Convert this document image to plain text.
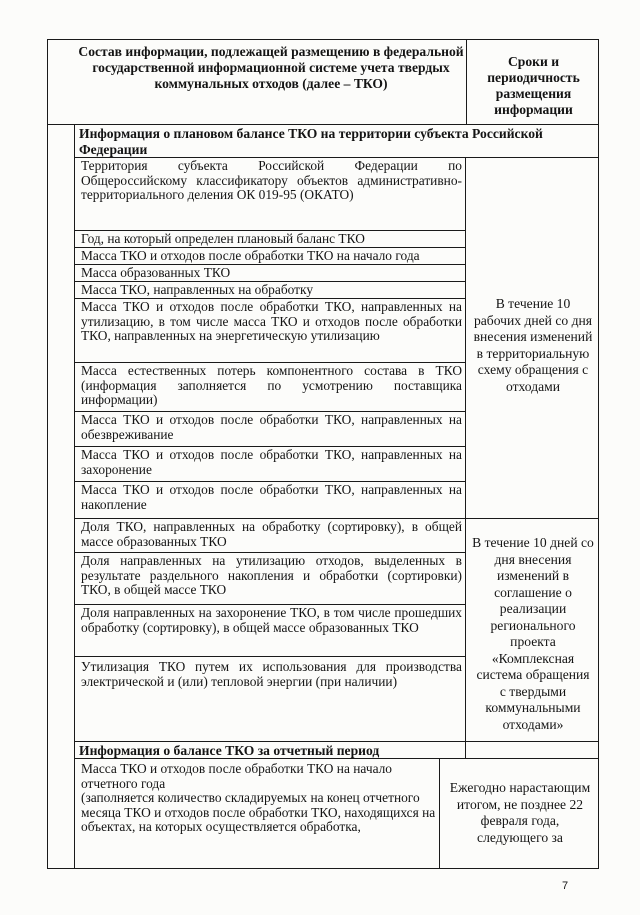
Состав информации, подлежащей размещению в федеральной государственной информационной системе учета твердых коммунальных отходов (далее – ТКО)
Сроки и периодичность размещения информации
Информация о плановом балансе ТКО на территории субъекта Российской Федерации
Территория субъекта Российской Федерации по Общероссийскому классификатору объектов административно-территориального деления ОК 019-95 (ОКАТО)
Год, на который определен плановый баланс ТКО
Масса ТКО и отходов после обработки ТКО на начало года
Масса образованных ТКО
Масса ТКО, направленных на обработку
Масса ТКО и отходов после обработки ТКО, направленных на утилизацию, в том числе масса ТКО и отходов после обработки ТКО, направленных на энергетическую утилизацию
Масса естественных потерь компонентного состава в ТКО (информация заполняется по усмотрению поставщика информации)
Масса ТКО и отходов после обработки ТКО, направленных на обезвреживание
Масса ТКО и отходов после обработки ТКО, направленных на захоронение
Масса ТКО и отходов после обработки ТКО, направленных на накопление
Доля ТКО, направленных на обработку (сортировку), в общей массе образованных ТКО
Доля направленных на утилизацию отходов, выделенных в результате раздельного накопления и обработки (сортировки) ТКО, в общей массе ТКО
Доля направленных на захоронение ТКО, в том числе прошедших обработку (сортировку), в общей массе образованных ТКО
Утилизация ТКО путем их использования для производства электрической и (или) тепловой энергии (при наличии)
В течение 10 рабочих дней со дня внесения изменений в территориальную схему обращения с отходами
В течение 10 дней со дня внесения изменений в соглашение о реализации регионального проекта «Комплексная система обращения с твердыми коммунальными отходами»
Информация о балансе ТКО за отчетный период
Масса ТКО и отходов после обработки ТКО на начало отчетного года
(заполняется количество складируемых на конец отчетного месяца ТКО и отходов после обработки ТКО, находящихся на объектах, на которых осуществляется обработка,
Ежегодно нарастающим итогом, не позднее 22 февраля года, следующего за
7
